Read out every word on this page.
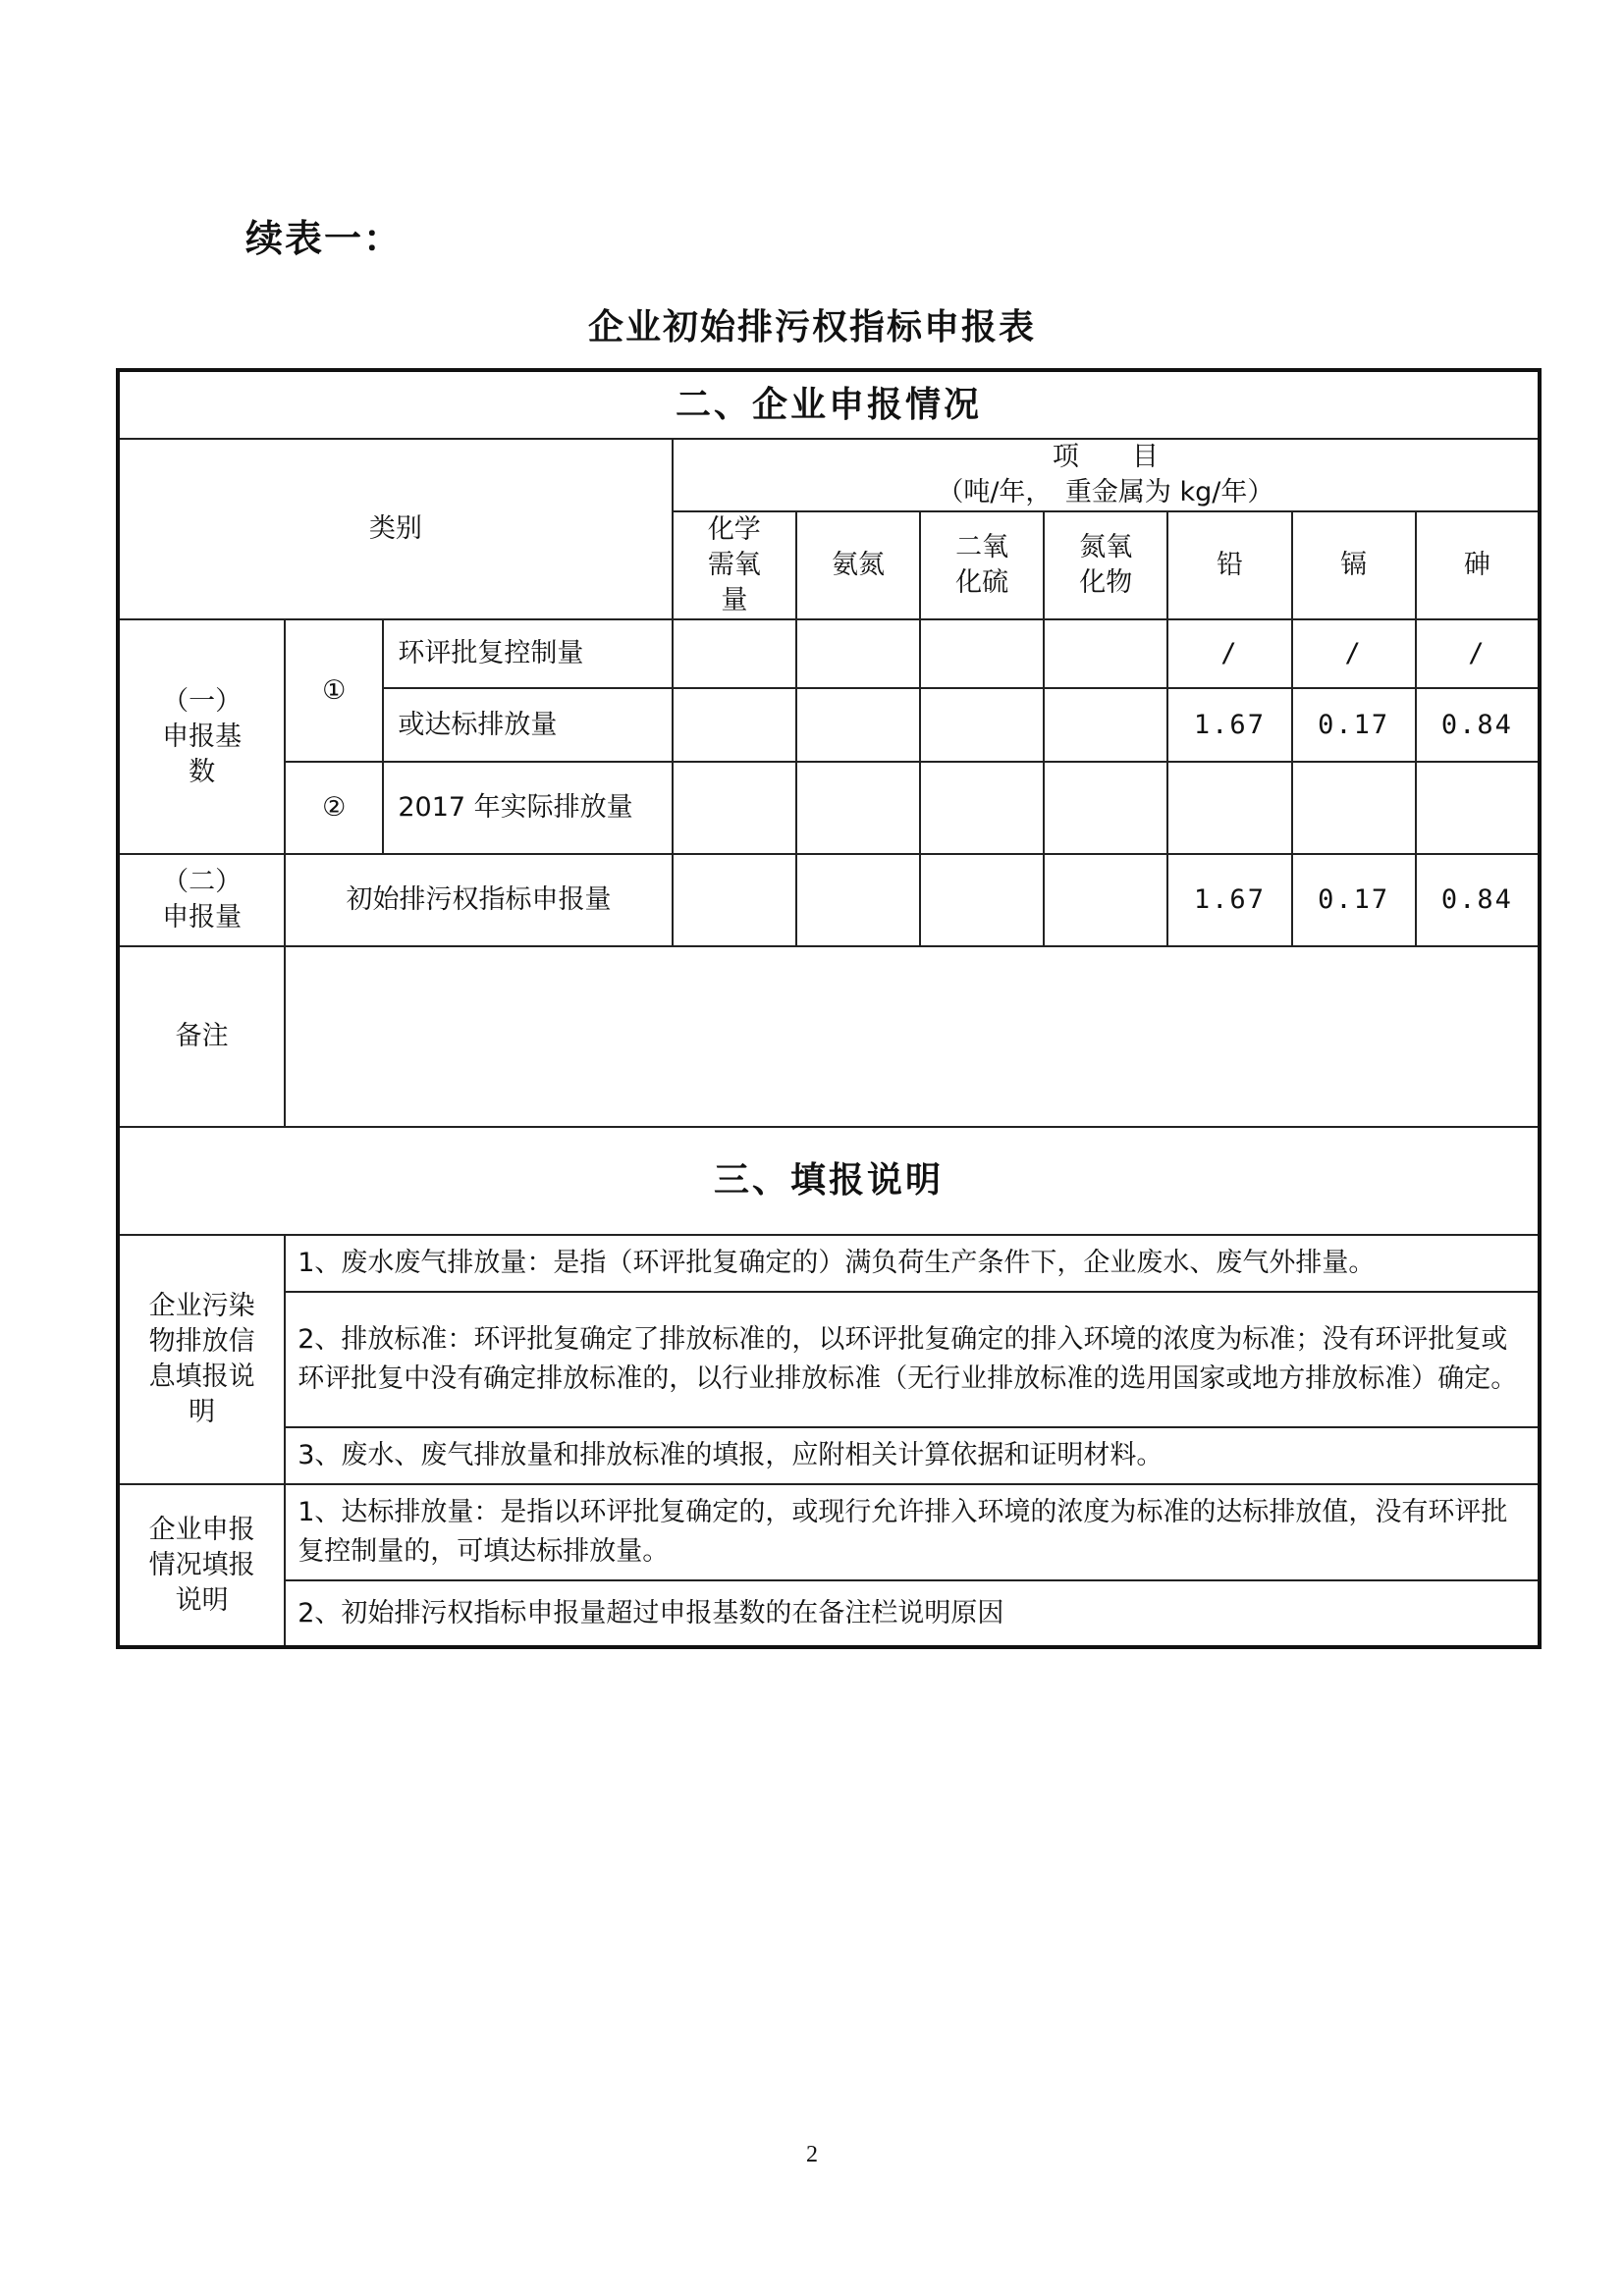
续表一：
企业初始排污权指标申报表
二、企业申报情况									
类别			项　　目
（吨/年，　重金属为 kg/年）						

			化学需氧量	氨氮	二氧化硫	氮氧化物	铅	镉	砷
（一）申报基数	①	环评批复控制量					/	/	/
		或达标排放量					1.67	0.17	0.84
	②	2017 年实际排放量							
（二）申报量	初始排污权指标申报量						1.67	0.17	0.84
备注									
三、填报说明									
企业污染物排放信息填报说明	1、废水废气排放量：是指（环评批复确定的）满负荷生产条件下，企业废水、废气外排量。								
	2、排放标准：环评批复确定了排放标准的，以环评批复确定的排入环境的浓度为标准；没有环评批复或环评批复中没有确定排放标准的，以行业排放标准（无行业排放标准的选用国家或地方排放标准）确定。								
	3、废水、废气排放量和排放标准的填报，应附相关计算依据和证明材料。								
企业申报情况填报说明	1、达标排放量：是指以环评批复确定的，或现行允许排入环境的浓度为标准的达标排放值，没有环评批复控制量的，可填达标排放量。								
	2、初始排污权指标申报量超过申报基数的在备注栏说明原因								
2
